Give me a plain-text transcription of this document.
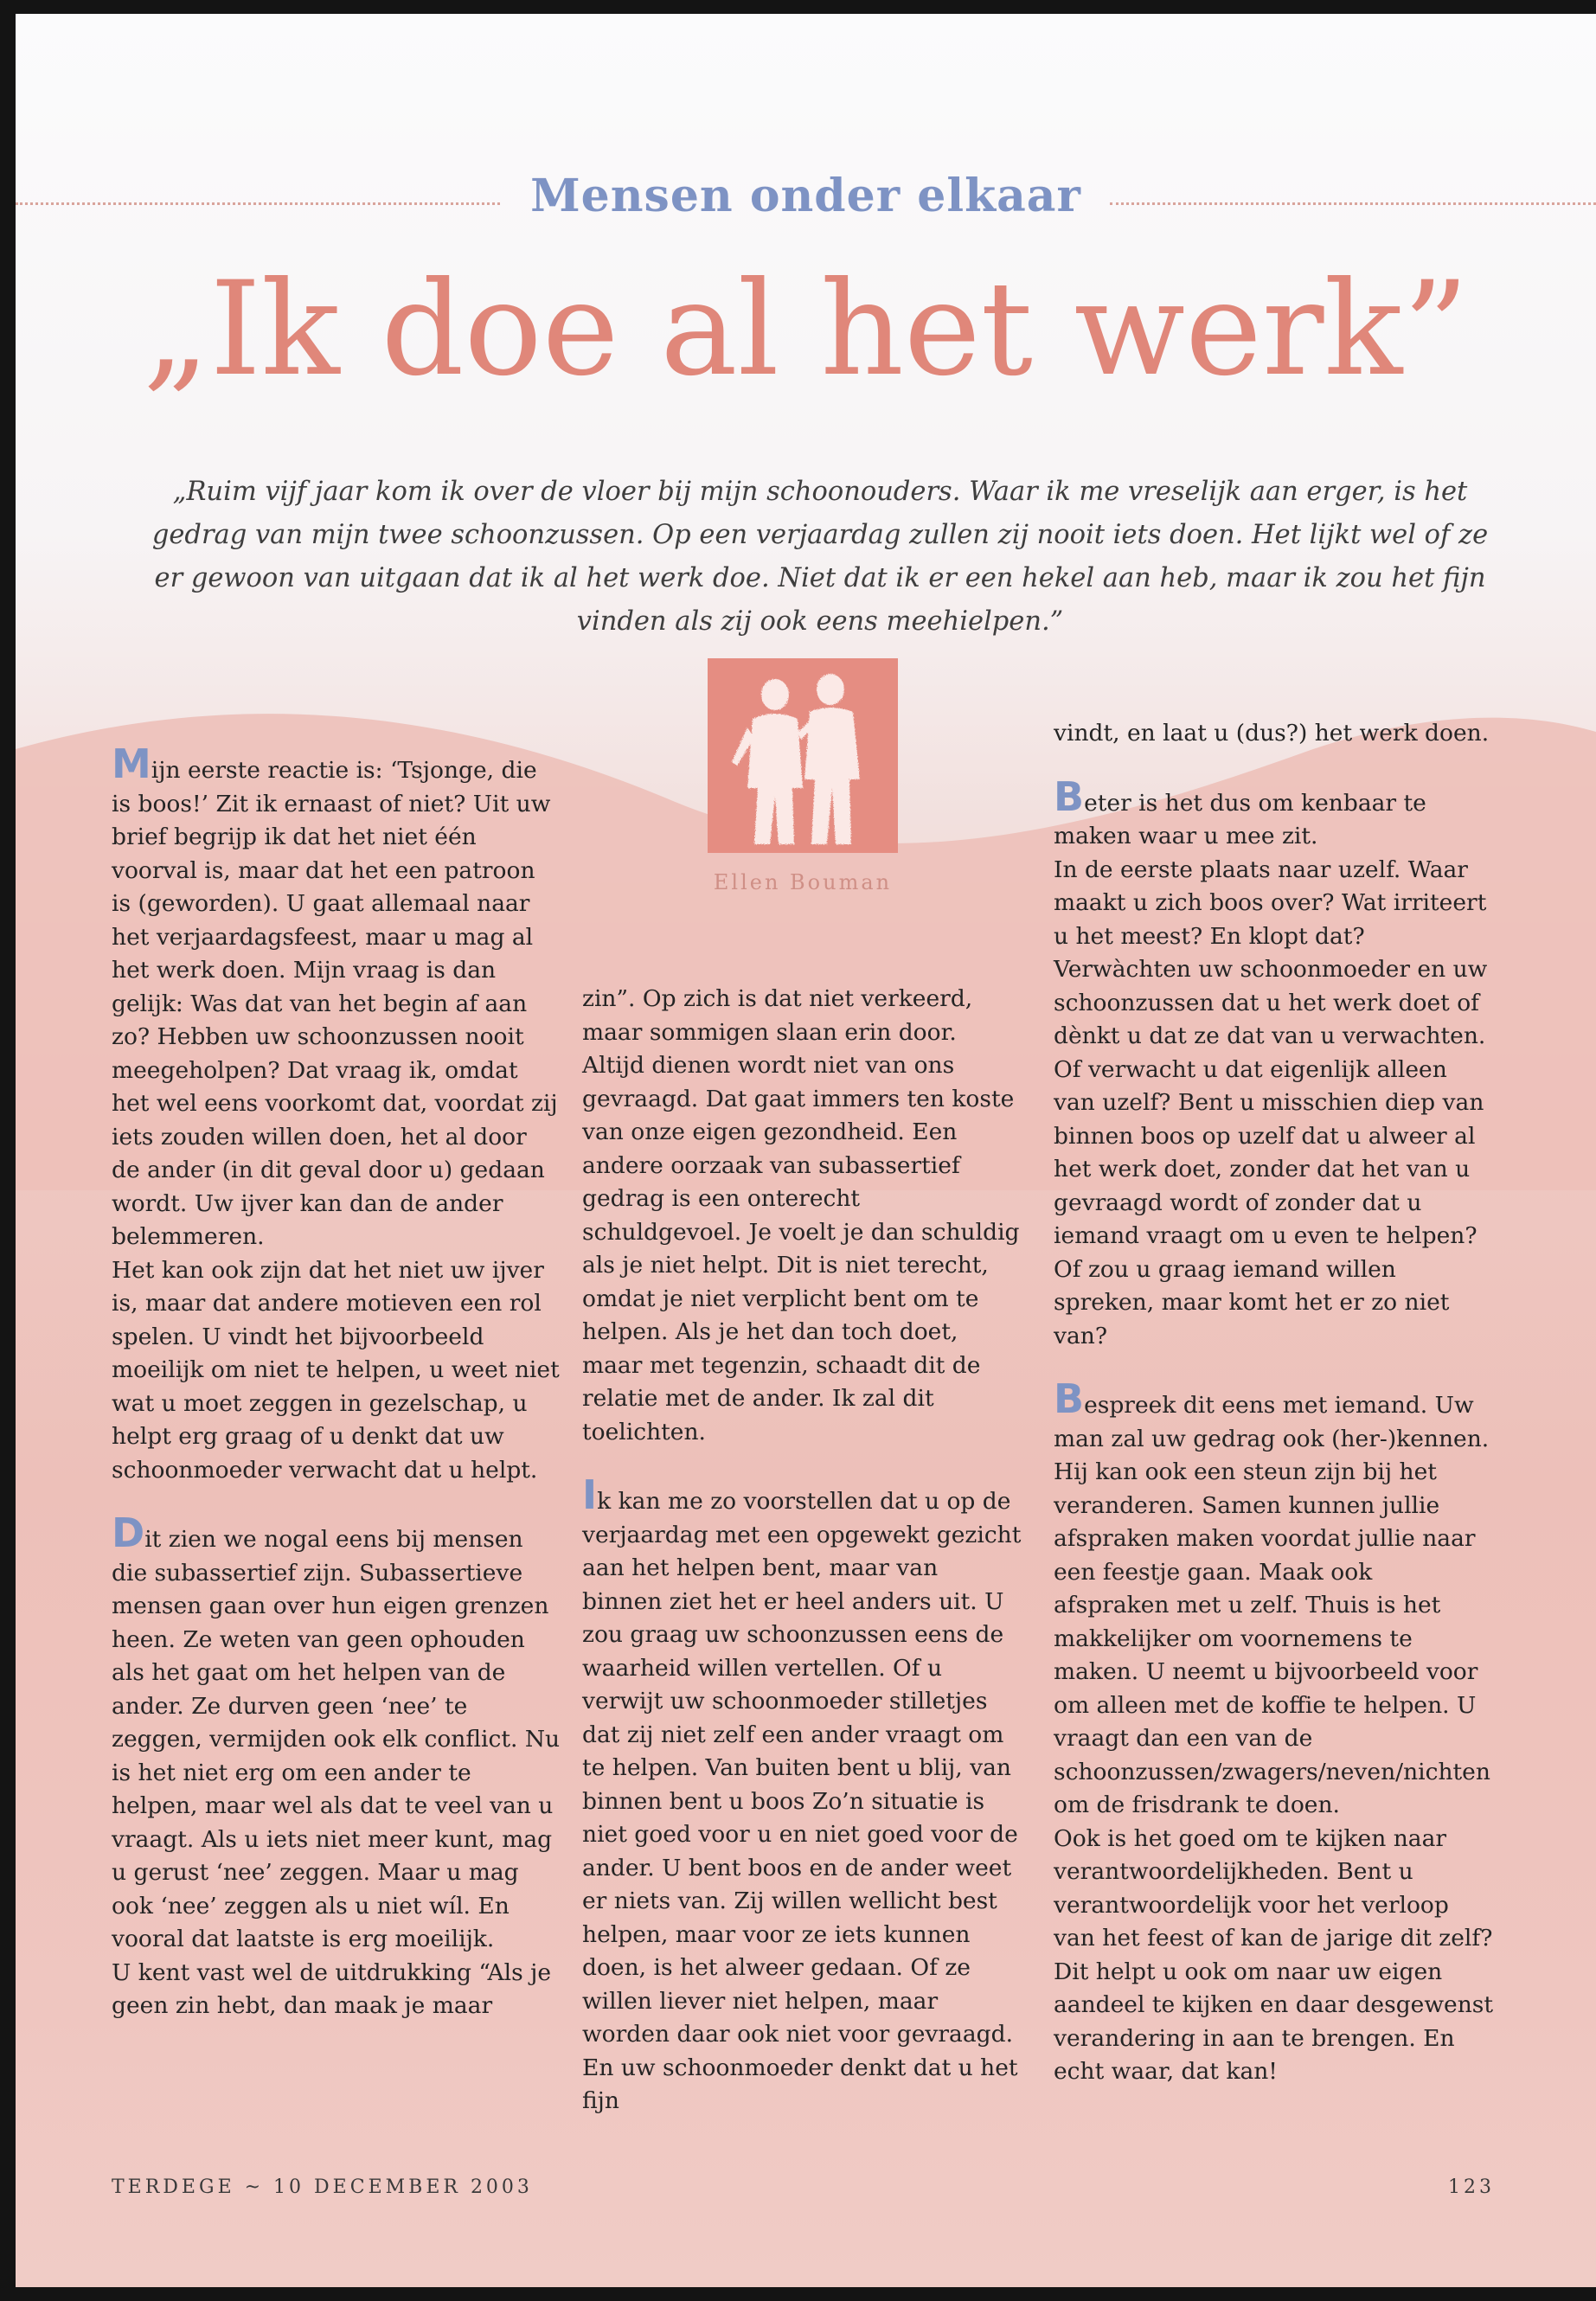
Mensen onder elkaar
„Ik doe al het werk”
„Ruim vijf jaar kom ik over de vloer bij mijn schoonouders. Waar ik me vreselijk aan erger, is het gedrag van mijn twee schoonzussen. Op een verjaardag zullen zij nooit iets doen. Het lijkt wel of ze er gewoon van uitgaan dat ik al het werk doe. Niet dat ik er een hekel aan heb, maar ik zou het fijn vinden als zij ook eens meehielpen.”
Ellen Bouman

Mijn eerste reactie is: ‘Tsjonge, die is boos!’ Zit ik ernaast of niet? Uit uw brief begrijp ik dat het niet één voorval is, maar dat het een patroon is (geworden). U gaat allemaal naar het verjaardagsfeest, maar u mag al het werk doen. Mijn vraag is dan gelijk: Was dat van het begin af aan zo? Hebben uw schoonzussen nooit meegeholpen? Dat vraag ik, omdat het wel eens voorkomt dat, voordat zij iets zouden willen doen, het al door de ander (in dit geval door u) gedaan wordt. Uw ijver kan dan de ander belemmeren.

Het kan ook zijn dat het niet uw ijver is, maar dat andere motieven een rol spelen. U vindt het bijvoorbeeld moeilijk om niet te helpen, u weet niet wat u moet zeggen in gezelschap, u helpt erg graag of u denkt dat uw schoonmoeder verwacht dat u helpt.

Dit zien we nogal eens bij mensen die subassertief zijn. Subassertieve mensen gaan over hun eigen grenzen heen. Ze weten van geen ophouden als het gaat om het helpen van de ander. Ze durven geen ‘nee’ te zeggen, vermijden ook elk conflict. Nu is het niet erg om een ander te helpen, maar wel als dat te veel van u vraagt. Als u iets niet meer kunt, mag u gerust ‘nee’ zeggen. Maar u mag ook ‘nee’ zeggen als u niet wíl. En vooral dat laatste is erg moeilijk.

U kent vast wel de uitdrukking “Als je geen zin hebt, dan maak je maar

zin”. Op zich is dat niet verkeerd, maar sommigen slaan erin door. Altijd dienen wordt niet van ons gevraagd. Dat gaat immers ten koste van onze eigen gezondheid. Een andere oorzaak van subassertief gedrag is een onterecht schuldgevoel. Je voelt je dan schuldig als je niet helpt. Dit is niet terecht, omdat je niet verplicht bent om te helpen. Als je het dan toch doet, maar met tegenzin, schaadt dit de relatie met de ander. Ik zal dit toelichten.

Ik kan me zo voorstellen dat u op de verjaardag met een opgewekt gezicht aan het helpen bent, maar van binnen ziet het er heel anders uit. U zou graag uw schoonzussen eens de waarheid willen vertellen. Of u verwijt uw schoonmoeder stilletjes dat zij niet zelf een ander vraagt om te helpen. Van buiten bent u blij, van binnen bent u boos Zo’n situatie is niet goed voor u en niet goed voor de ander. U bent boos en de ander weet er niets van. Zij willen wellicht best helpen, maar voor ze iets kunnen doen, is het alweer gedaan. Of ze willen liever niet helpen, maar worden daar ook niet voor gevraagd. En uw schoonmoeder denkt dat u het fijn

vindt, en laat u (dus?) het werk doen.

Beter is het dus om kenbaar te maken waar u mee zit.

In de eerste plaats naar uzelf. Waar maakt u zich boos over? Wat irriteert u het meest? En klopt dat? Verwàchten uw schoonmoeder en uw schoonzussen dat u het werk doet of dènkt u dat ze dat van u verwachten. Of verwacht u dat eigenlijk alleen van uzelf? Bent u misschien diep van binnen boos op uzelf dat u alweer al het werk doet, zonder dat het van u gevraagd wordt of zonder dat u iemand vraagt om u even te helpen? Of zou u graag iemand willen spreken, maar komt het er zo niet van?

Bespreek dit eens met iemand. Uw man zal uw gedrag ook (her-)kennen. Hij kan ook een steun zijn bij het veranderen. Samen kunnen jullie afspraken maken voordat jullie naar een feestje gaan. Maak ook afspraken met u zelf. Thuis is het makkelijker om voornemens te maken. U neemt u bijvoorbeeld voor om alleen met de koffie te helpen. U vraagt dan een van de schoonzussen/zwagers/neven/nichten om de frisdrank te doen.

Ook is het goed om te kijken naar verantwoordelijkheden. Bent u verantwoordelijk voor het verloop van het feest of kan de jarige dit zelf? Dit helpt u ook om naar uw eigen aandeel te kijken en daar desgewenst verandering in aan te brengen. En echt waar, dat kan!

TERDEGE ~ 10 DECEMBER 2003	123
